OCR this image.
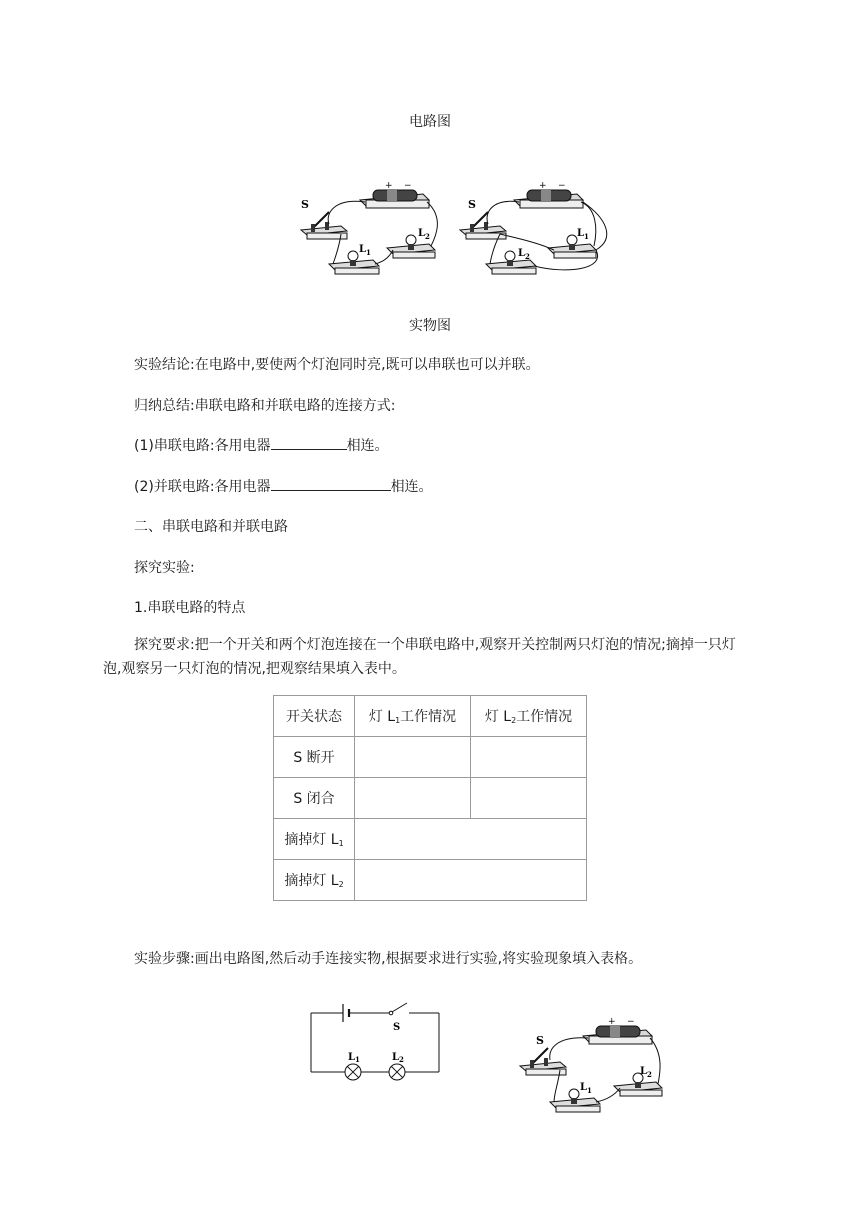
电路图
+ −
S
$L_1$
$L_2$
+ −
S
$L_2$
$L_1$
实物图
实验结论:在电路中,要使两个灯泡同时亮,既可以串联也可以并联。
归纳总结:串联电路和并联电路的连接方式:
(1)串联电路:各用电器	相连。
(2)并联电路:各用电器	相连。
二、串联电路和并联电路
探究实验:
1.串联电路的特点
探究要求:把一个开关和两个灯泡连接在一个串联电路中,观察开关控制两只灯泡的情况;摘掉一只灯泡,观察另一只灯泡的情况,把观察结果填入表中。
开关状态	灯 $L_1$工作情况	灯 $L_2$工作情况
S 断开		
S 闭合		
摘掉灯 $L_1$	
摘掉灯 $L_2$	
实验步骤:画出电路图,然后动手连接实物,根据要求进行实验,将实验现象填入表格。
S
$L_1$	$L_2$
+ −
S
$L_1$
$L_2$
